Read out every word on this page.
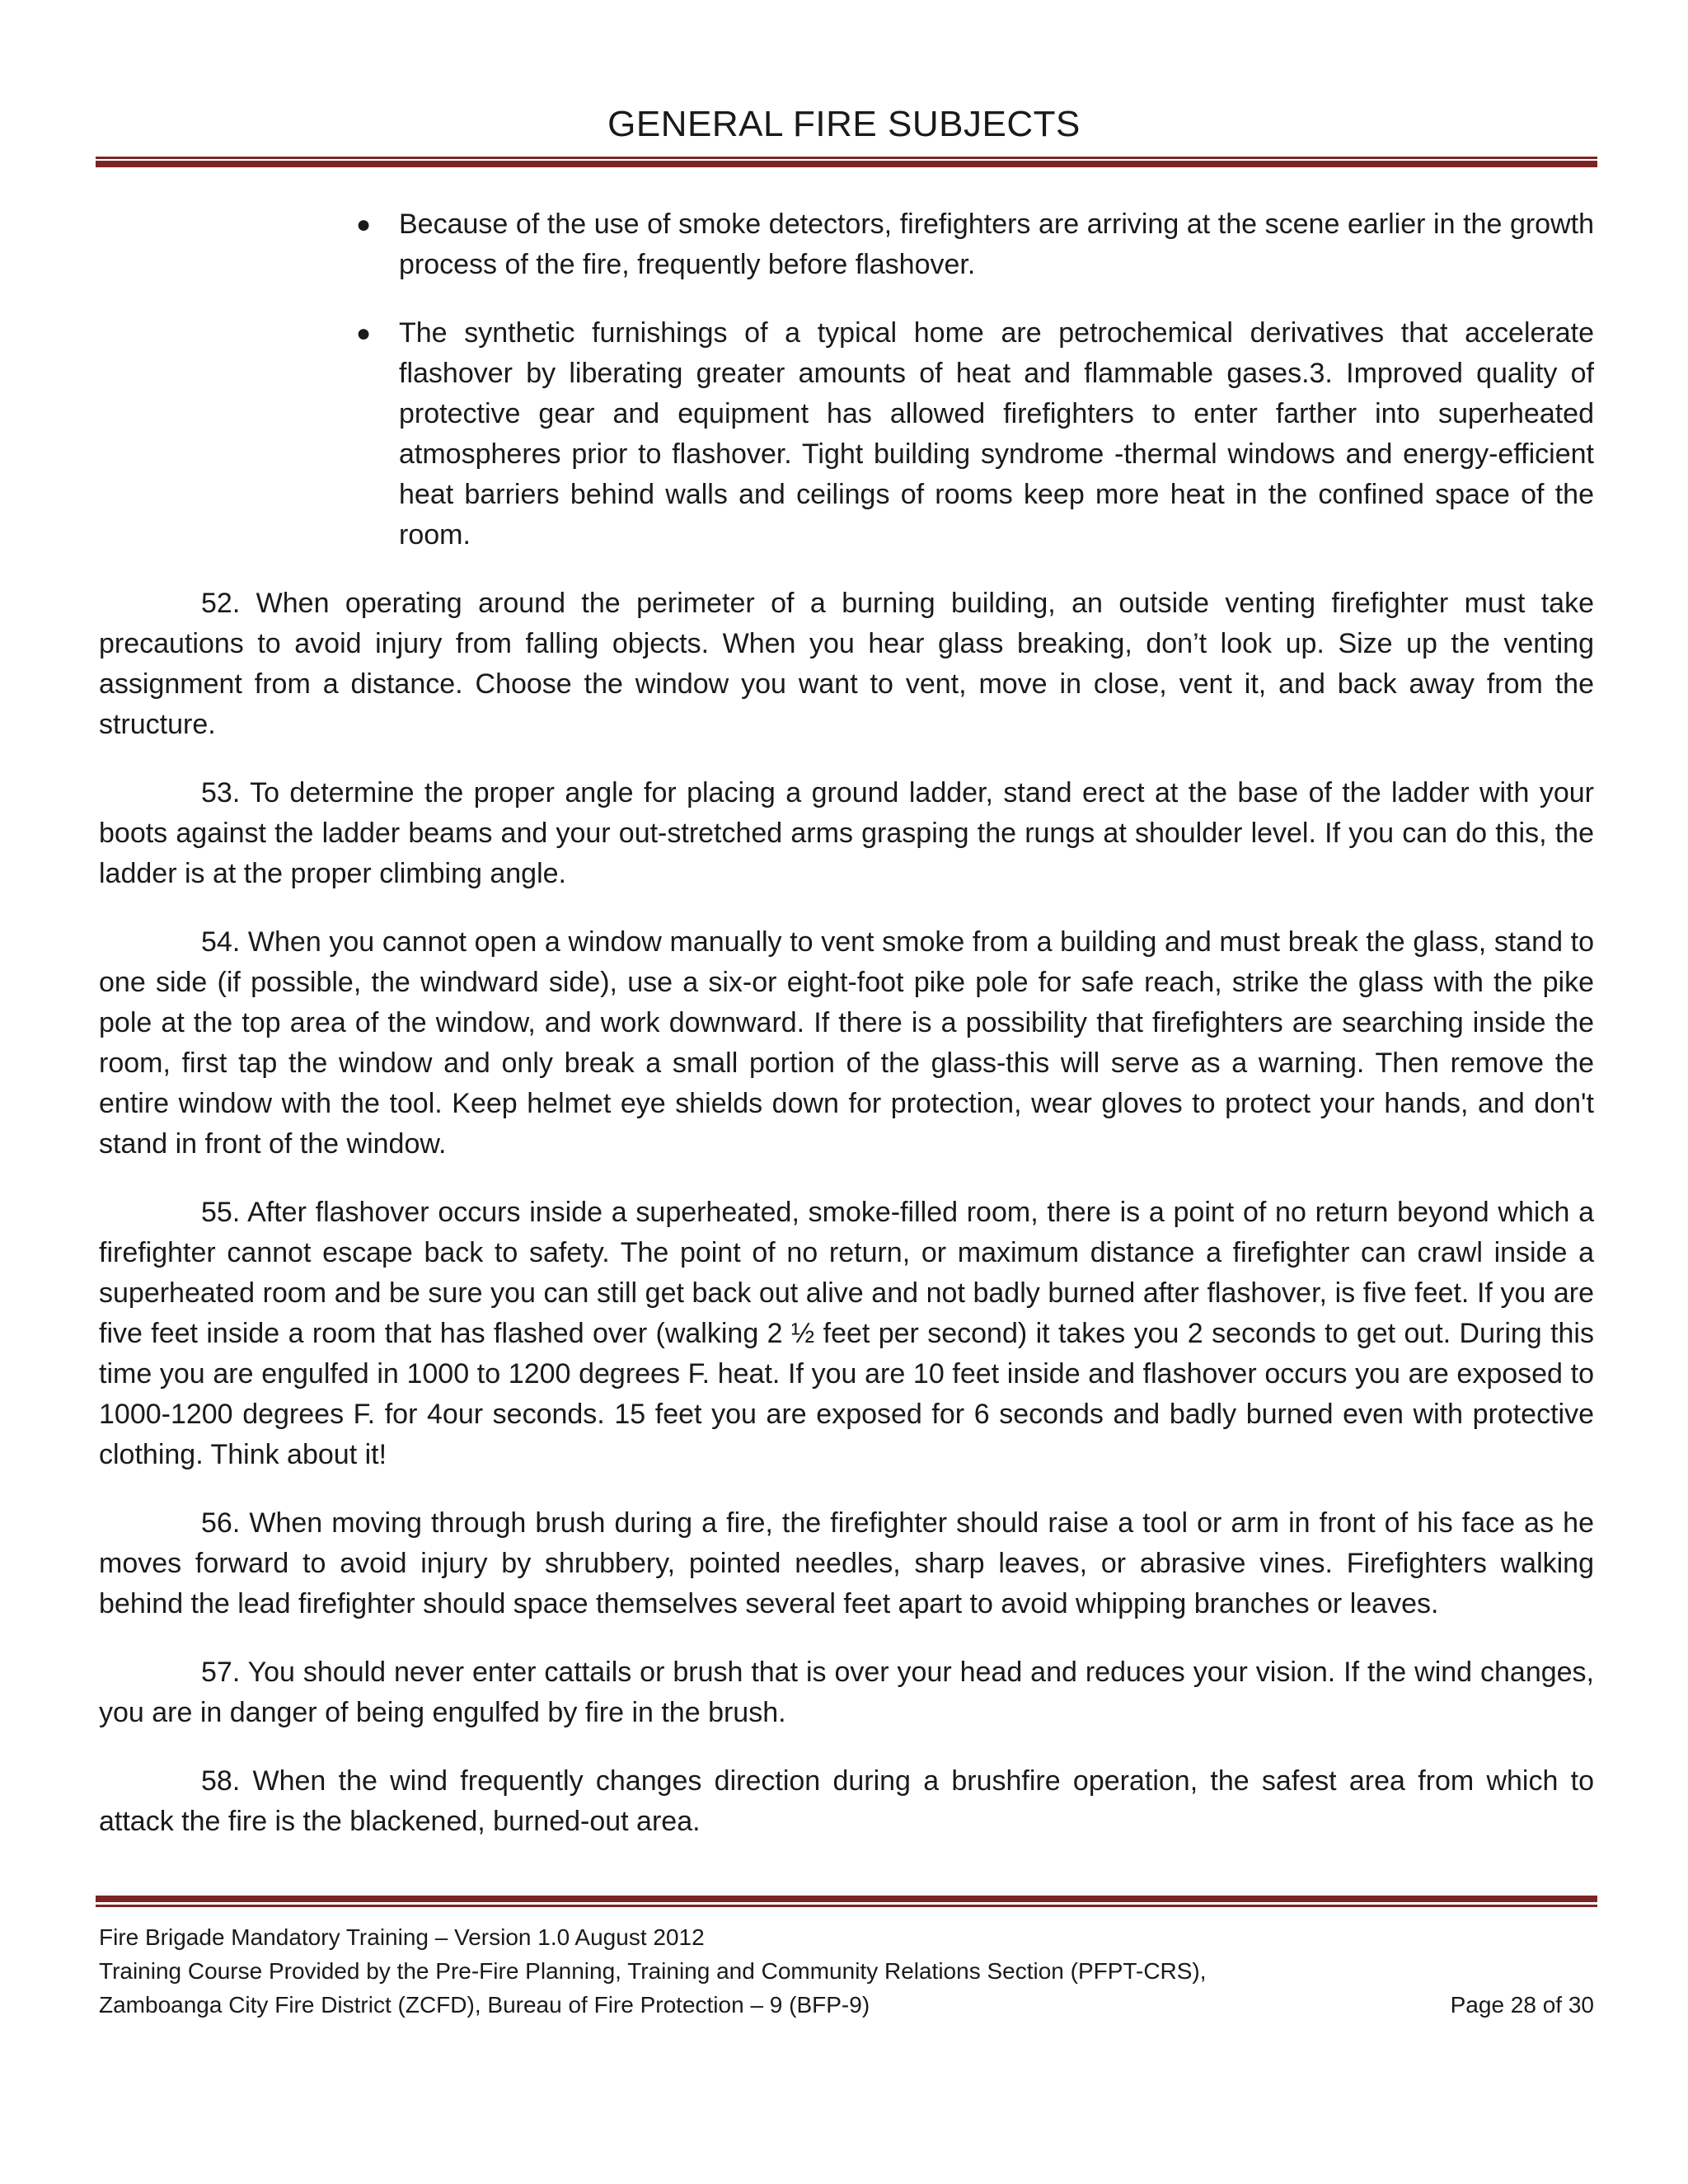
GENERAL FIRE SUBJECTS
● Because of the use of smoke detectors, firefighters are arriving at the scene earlier in the growth process of the fire, frequently before flashover.
● The synthetic furnishings of a typical home are petrochemical derivatives that accelerate flashover by liberating greater amounts of heat and flammable gases.3. Improved quality of protective gear and equipment has allowed firefighters to enter farther into superheated atmospheres prior to flashover. Tight building syndrome -thermal windows and energy-efficient heat barriers behind walls and ceilings of rooms keep more heat in the confined space of the room.

52. When operating around the perimeter of a burning building, an outside venting firefighter must take precautions to avoid injury from falling objects. When you hear glass breaking, don’t look up. Size up the venting assignment from a distance. Choose the window you want to vent, move in close, vent it, and back away from the structure.

53. To determine the proper angle for placing a ground ladder, stand erect at the base of the ladder with your boots against the ladder beams and your out-stretched arms grasping the rungs at shoulder level. If you can do this, the ladder is at the proper climbing angle.

54. When you cannot open a window manually to vent smoke from a building and must break the glass, stand to one side (if possible, the windward side), use a six-or eight-foot pike pole for safe reach, strike the glass with the pike pole at the top area of the window, and work downward. If there is a possibility that firefighters are searching inside the room, first tap the window and only break a small portion of the glass-this will serve as a warning. Then remove the entire window with the tool. Keep helmet eye shields down for protection, wear gloves to protect your hands, and don't stand in front of the window.

55. After flashover occurs inside a superheated, smoke-filled room, there is a point of no return beyond which a firefighter cannot escape back to safety. The point of no return, or maximum distance a firefighter can crawl inside a superheated room and be sure you can still get back out alive and not badly burned after flashover, is five feet. If you are five feet inside a room that has flashed over (walking 2 ½ feet per second) it takes you 2 seconds to get out. During this time you are engulfed in 1000 to 1200 degrees F. heat. If you are 10 feet inside and flashover occurs you are exposed to 1000-1200 degrees F. for 4our seconds. 15 feet you are exposed for 6 seconds and badly burned even with protective clothing. Think about it!

56. When moving through brush during a fire, the firefighter should raise a tool or arm in front of his face as he moves forward to avoid injury by shrubbery, pointed needles, sharp leaves, or abrasive vines. Firefighters walking behind the lead firefighter should space themselves several feet apart to avoid whipping branches or leaves.

57. You should never enter cattails or brush that is over your head and reduces your vision. If the wind changes, you are in danger of being engulfed by fire in the brush.

58. When the wind frequently changes direction during a brushfire operation, the safest area from which to attack the fire is the blackened, burned-out area.

Fire Brigade Mandatory Training – Version 1.0 August 2012
Training Course Provided by the Pre-Fire Planning, Training and Community Relations Section (PFPT-CRS),
Zamboanga City Fire District (ZCFD), Bureau of Fire Protection – 9 (BFP-9)	Page 28 of 30
